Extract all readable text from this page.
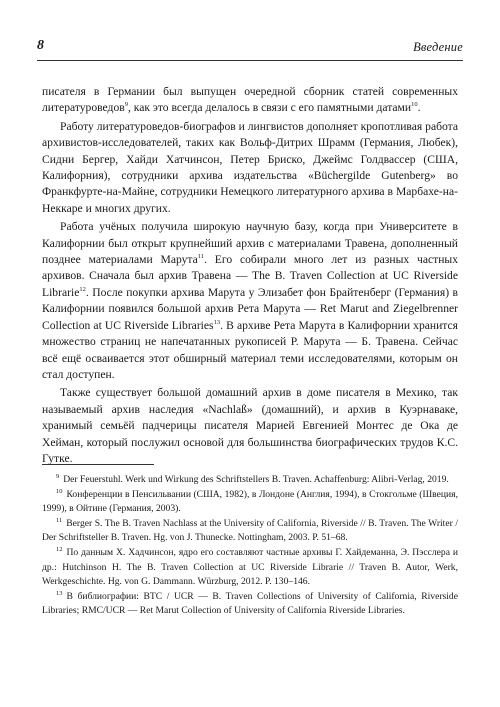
8	Введение

писателя в Германии был выпущен очередной сборник статей современных литературоведов$^9$, как это всегда делалось в связи с его памятными датами$^{10}$.

Работу литературоведов-биографов и лингвистов дополняет кропотливая работа архивистов-исследователей, таких как Вольф-Дитрих Шрамм (Германия, Любек), Сидни Бергер, Хайди Хатчинсон, Петер Бриско, Джеймс Голдвассер (США, Калифорния), сотрудники архива издательства «Büchergilde Gutenberg» во Франкфурте-на-Майне, сотрудники Немецкого литературного архива в Марбахе-на-Неккаре и многих других.

Работа учёных получила широкую научную базу, когда при Университете в Калифорнии был открыт крупнейший архив с материалами Травена, дополненный позднее материалами Марута$^{11}$. Его собирали много лет из разных частных архивов. Сначала был архив Травена — The B. Traven Collection at UC Riverside Librarie$^{12}$. После покупки архива Марута у Элизабет фон Брайтенберг (Германия) в Калифорнии появился большой архив Рета Марута — Ret Marut and Ziegelbrenner Collection at UC Riverside Libraries$^{13}$. В архиве Рета Марута в Калифорнии хранится множество страниц не напечатанных рукописей Р. Марута — Б. Травена. Сейчас всё ещё осваивается этот обширный материал теми исследователями, которым он стал доступен.

Также существует большой домашний архив в доме писателя в Мехико, так называемый архив наследия «Nachlaß» (домашний), и архив в Куэрнаваке, хранимый семьёй падчерицы писателя Марией Евгенией Монтес де Ока де Хейман, который послужил основой для большинства биографических трудов К.С. Гутке.

$^9$ Der Feuerstuhl. Werk und Wirkung des Schriftstellers B. Traven. Achaffenburg: Alibri-Verlag, 2019.

$^{10}$ Конференции в Пенсильвании (США, 1982), в Лондоне (Англия, 1994), в Стокгольме (Швеция, 1999), в Ойтине (Германия, 2003).

$^{11}$ Berger S. The B. Traven Nachlass at the University of California, Riverside // B. Traven. The Writer / Der Schriftsteller B. Traven. Hg. von J. Thunecke. Nottingham, 2003. P. 51–68.

$^{12}$ По данным Х. Хадчинсон, ядро его составляют частные архивы Г. Хайдеманна, Э. Пэсслера и др.: Hutchinson H. The B. Traven Collection at UC Riverside Librarie // Traven B. Autor, Werk, Werkgeschichte. Hg. von G. Dammann. Würzburg, 2012. P. 130–146.

$^{13}$ В библиографии: BTC / UCR — B. Traven Collections of University of California, Riverside Libraries; RMC/UCR — Ret Marut Collection of University of California Riverside Libraries.
